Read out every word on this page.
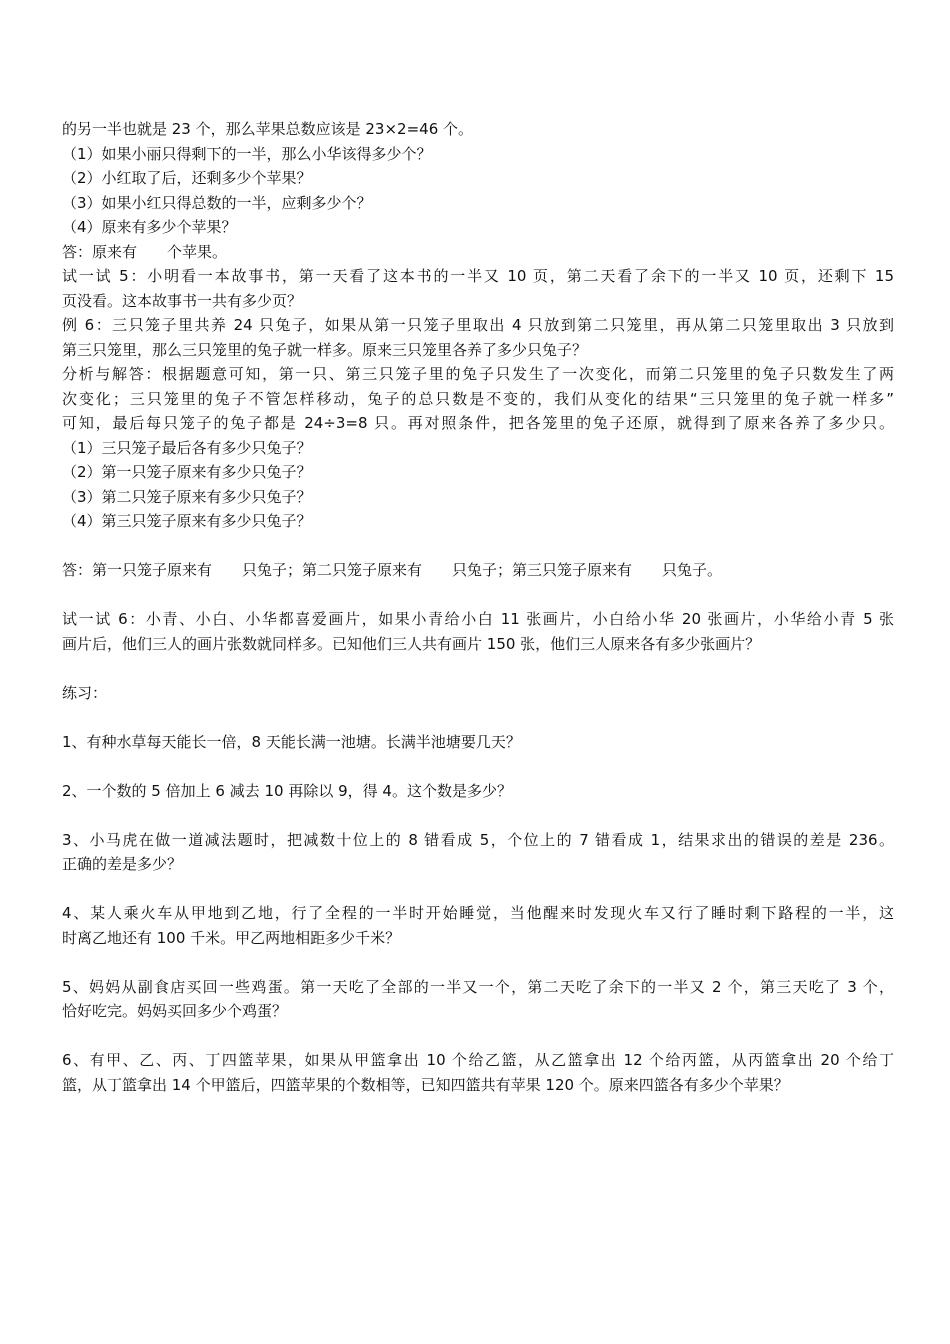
的另一半也就是 23 个，那么苹果总数应该是 23×2=46 个。
（1）如果小丽只得剩下的一半，那么小华该得多少个？
（2）小红取了后，还剩多少个苹果？
（3）如果小红只得总数的一半，应剩多少个？
（4）原来有多少个苹果？
答：原来有　　个苹果。
试一试 5：小明看一本故事书，第一天看了这本书的一半又 10 页，第二天看了余下的一半又 10 页，还剩下 15
页没看。这本故事书一共有多少页？
例 6：三只笼子里共养 24 只兔子，如果从第一只笼子里取出 4 只放到第二只笼里，再从第二只笼里取出 3 只放到
第三只笼里，那么三只笼里的兔子就一样多。原来三只笼里各养了多少只兔子？
分析与解答：根据题意可知，第一只、第三只笼子里的兔子只发生了一次变化，而第二只笼里的兔子只数发生了两
次变化；三只笼里的兔子不管怎样移动，兔子的总只数是不变的，我们从变化的结果“三只笼里的兔子就一样多”
可知，最后每只笼子的兔子都是 24÷3=8 只。再对照条件，把各笼里的兔子还原，就得到了原来各养了多少只。
（1）三只笼子最后各有多少只兔子？
（2）第一只笼子原来有多少只兔子？
（3）第二只笼子原来有多少只兔子？
（4）第三只笼子原来有多少只兔子？
答：第一只笼子原来有　　只兔子；第二只笼子原来有　　只兔子；第三只笼子原来有　　只兔子。
试一试 6：小青、小白、小华都喜爱画片，如果小青给小白 11 张画片，小白给小华 20 张画片，小华给小青 5 张
画片后，他们三人的画片张数就同样多。已知他们三人共有画片 150 张，他们三人原来各有多少张画片？
练习：
1、有种水草每天能长一倍，8 天能长满一池塘。长满半池塘要几天？
2、一个数的 5 倍加上 6 减去 10 再除以 9，得 4。这个数是多少？
3、小马虎在做一道减法题时，把减数十位上的 8 错看成 5，个位上的 7 错看成 1，结果求出的错误的差是 236。
正确的差是多少？
4、某人乘火车从甲地到乙地，行了全程的一半时开始睡觉，当他醒来时发现火车又行了睡时剩下路程的一半，这
时离乙地还有 100 千米。甲乙两地相距多少千米？
5、妈妈从副食店买回一些鸡蛋。第一天吃了全部的一半又一个，第二天吃了余下的一半又 2 个，第三天吃了 3 个，
恰好吃完。妈妈买回多少个鸡蛋？
6、有甲、乙、丙、丁四篮苹果，如果从甲篮拿出 10 个给乙篮，从乙篮拿出 12 个给丙篮，从丙篮拿出 20 个给丁
篮，从丁篮拿出 14 个甲篮后，四篮苹果的个数相等，已知四篮共有苹果 120 个。原来四篮各有多少个苹果？
